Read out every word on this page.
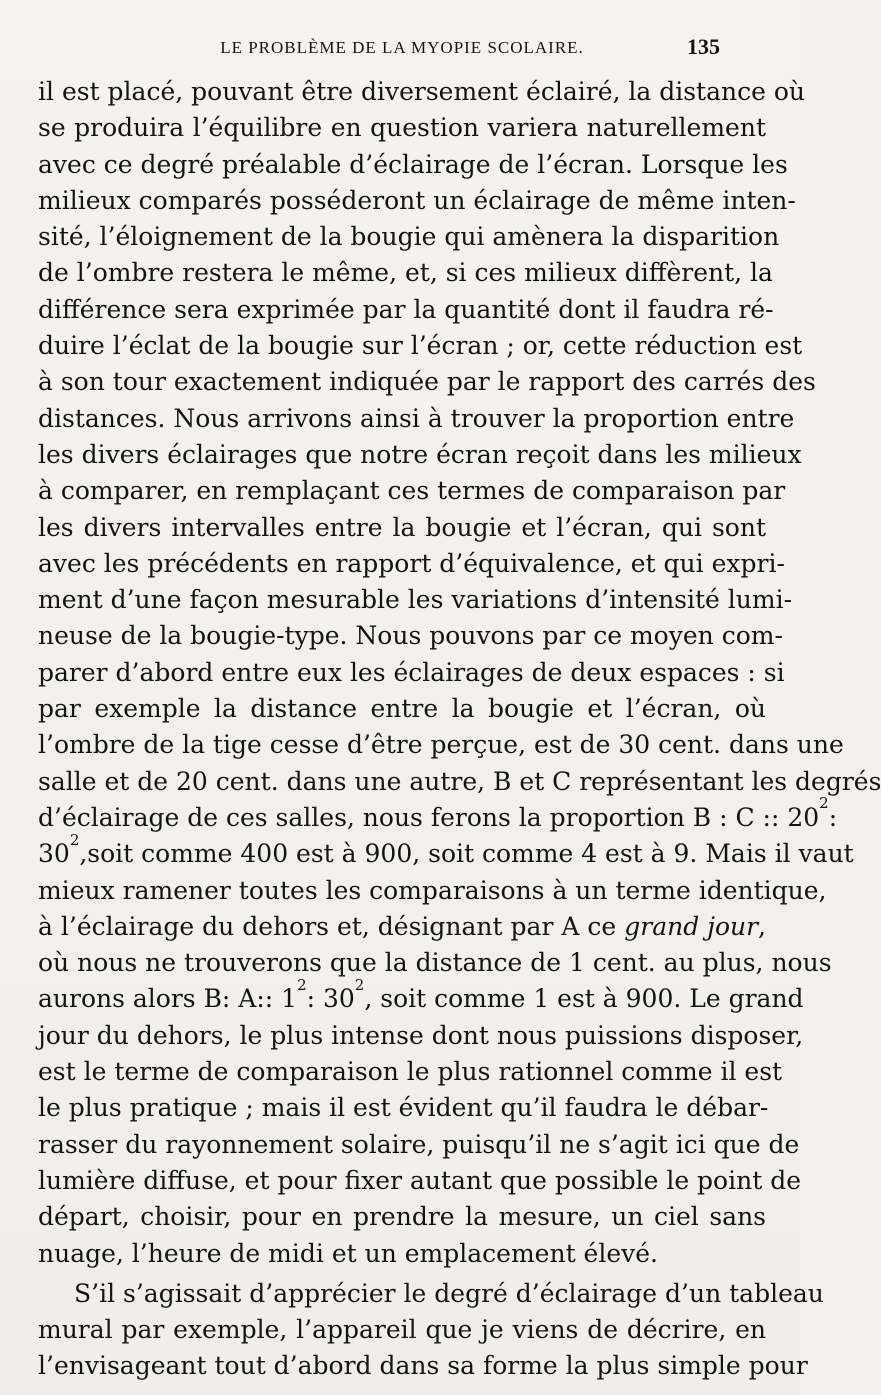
LE PROBLÈME DE LA MYOPIE SCOLAIRE.	135
il est placé, pouvant être diversement éclairé, la distance où
se produira l’équilibre en question variera naturellement
avec ce degré préalable d’éclairage de l’écran. Lorsque les
milieux comparés posséderont un éclairage de même inten-
sité, l’éloignement de la bougie qui amènera la disparition
de l’ombre restera le même, et, si ces milieux diffèrent, la
différence sera exprimée par la quantité dont il faudra ré-
duire l’éclat de la bougie sur l’écran ; or, cette réduction est
à son tour exactement indiquée par le rapport des carrés des
distances. Nous arrivons ainsi à trouver la proportion entre
les divers éclairages que notre écran reçoit dans les milieux
à comparer, en remplaçant ces termes de comparaison par
les divers intervalles entre la bougie et l’écran, qui sont
avec les précédents en rapport d’équivalence, et qui expri-
ment d’une façon mesurable les variations d’intensité lumi-
neuse de la bougie-type. Nous pouvons par ce moyen com-
parer d’abord entre eux les éclairages de deux espaces : si
par exemple la distance entre la bougie et l’écran, où
l’ombre de la tige cesse d’être perçue, est de 30 cent. dans une
salle et de 20 cent. dans une autre, B et C représentant les degrés
d’éclairage de ces salles, nous ferons la proportion B : C :: $20^2$:
$30^2,soit$ comme 400 est à 900, soit comme 4 est à 9. Mais il vaut
mieux ramener toutes les comparaisons à un terme identique,
à l’éclairage du dehors et, désignant par A ce grand jour,
où nous ne trouverons que la distance de 1 cent. au plus, nous
aurons alors B: A:: $1^2$: $30^2$, soit comme 1 est à 900. Le grand
jour du dehors, le plus intense dont nous puissions disposer,
est le terme de comparaison le plus rationnel comme il est
le plus pratique ; mais il est évident qu’il faudra le débar-
rasser du rayonnement solaire, puisqu’il ne s’agit ici que de
lumière diffuse, et pour fixer autant que possible le point de
départ, choisir, pour en prendre la mesure, un ciel sans
nuage, l’heure de midi et un emplacement élevé.
S’il s’agissait d’apprécier le degré d’éclairage d’un tableau
mural par exemple, l’appareil que je viens de décrire, en
l’envisageant tout d’abord dans sa forme la plus simple pour
